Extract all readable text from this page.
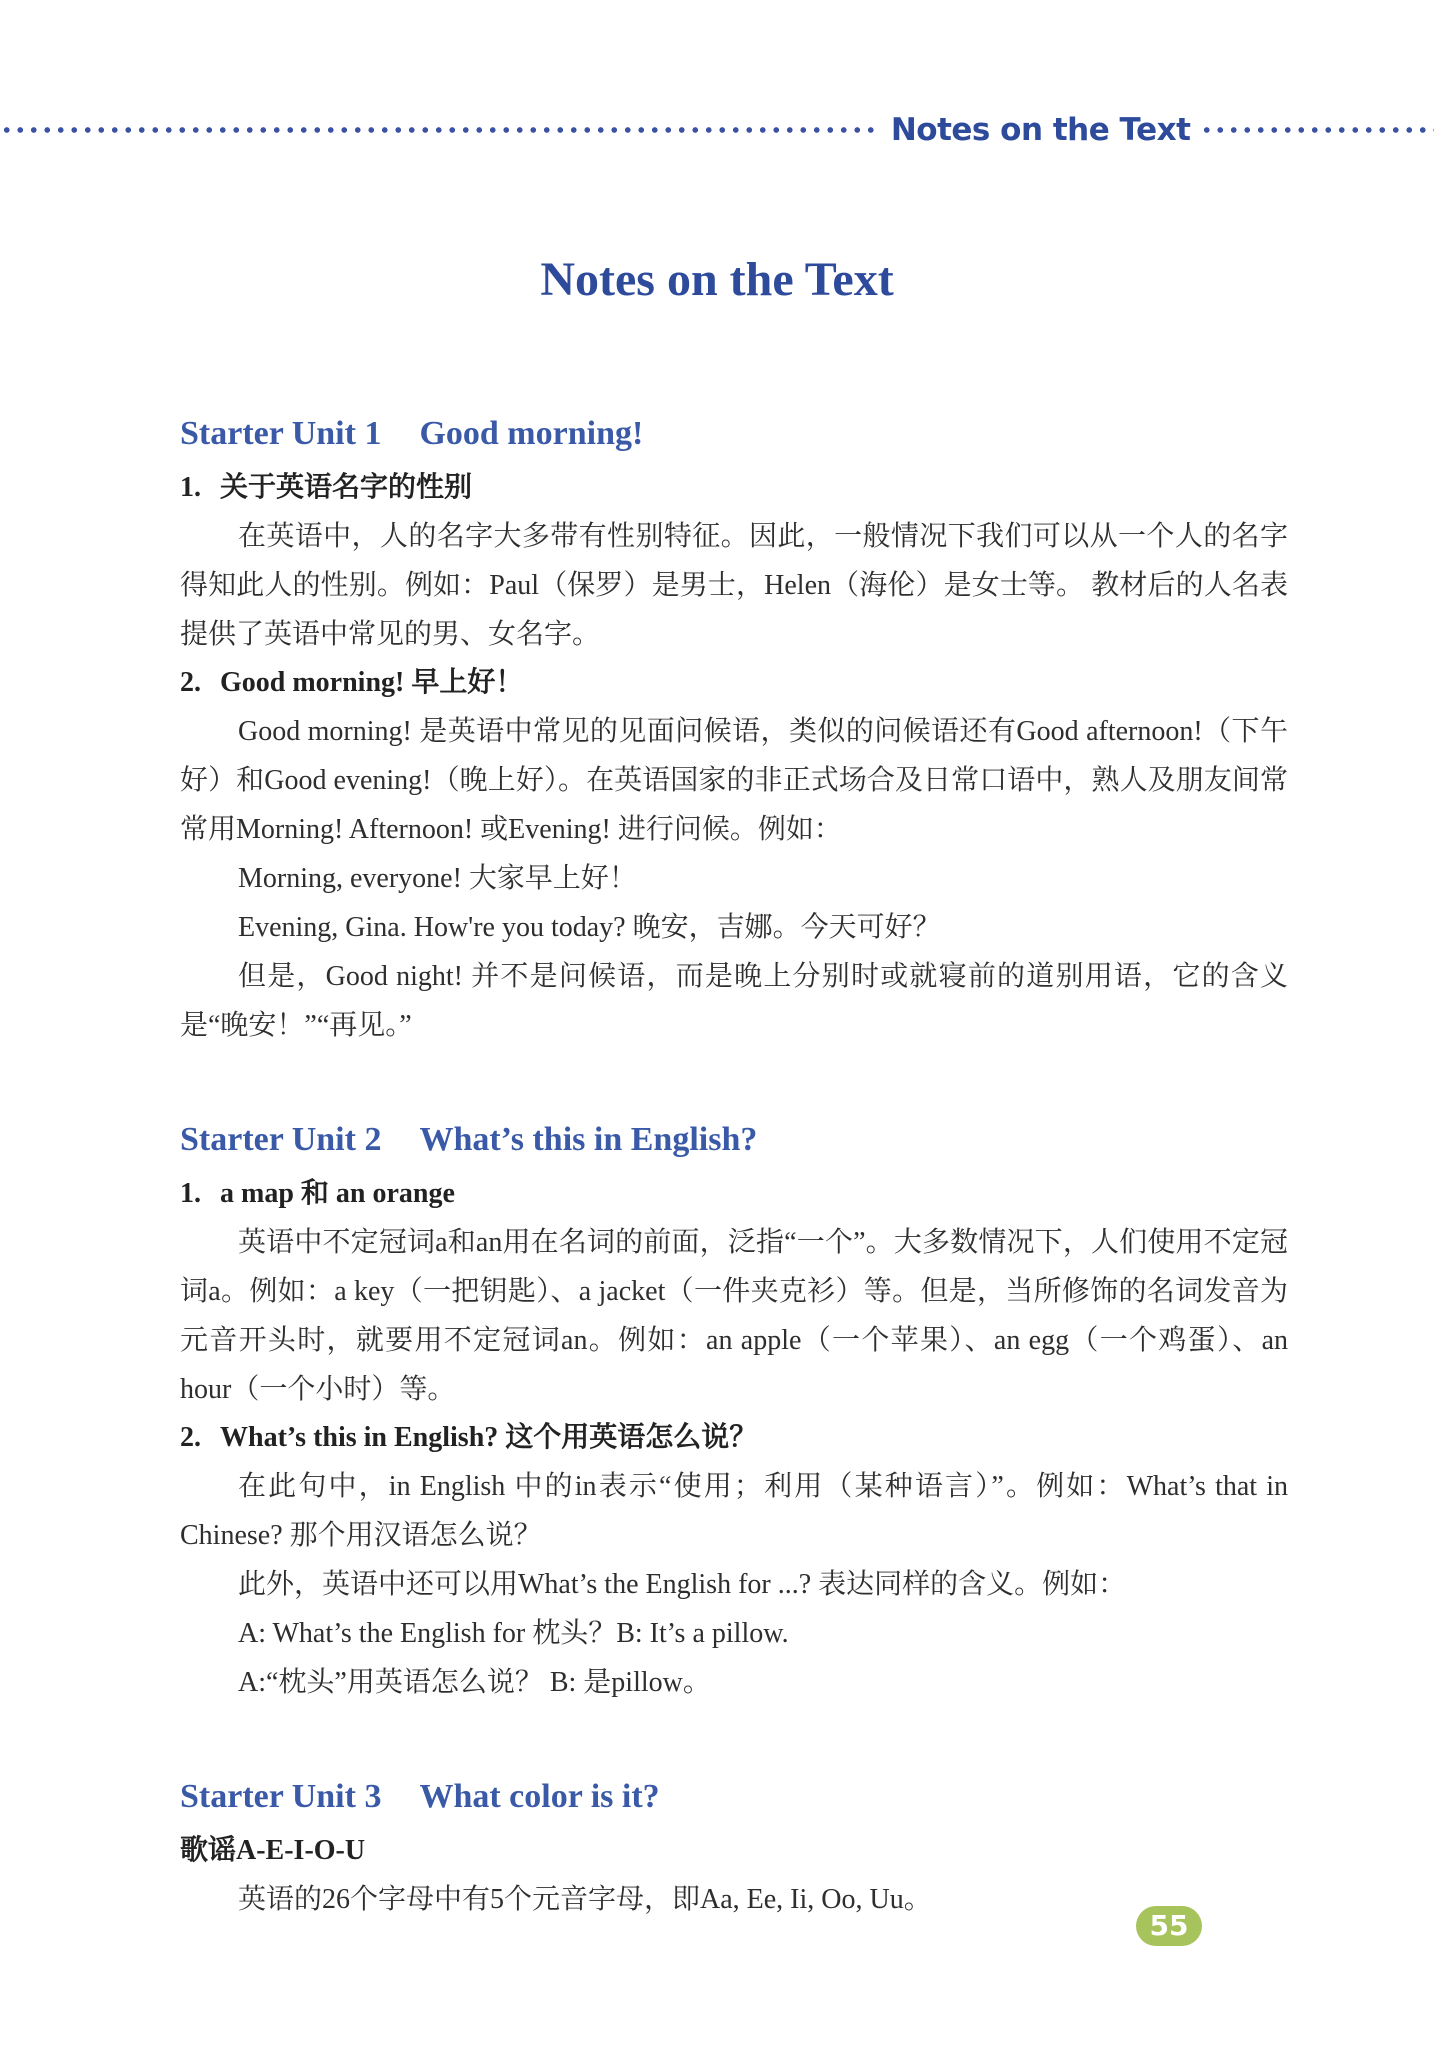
Notes on the Text
Notes on the Text
Starter Unit 1 Good morning!
1. 关于英语名字的性别

在英语中，人的名字大多带有性别特征。因此，一般情况下我们可以从一个人的名字得知此人的性别。例如：Paul（保罗）是男士，Helen（海伦）是女士等。 教材后的人名表提供了英语中常见的男、女名字。

2. Good morning! 早上好！

Good morning! 是英语中常见的见面问候语，类似的问候语还有Good afternoon!（下午好）和Good evening!（晚上好）。在英语国家的非正式场合及日常口语中，熟人及朋友间常常用Morning! Afternoon! 或Evening! 进行问候。例如：

Morning, everyone! 大家早上好！

Evening, Gina. How're you today? 晚安，吉娜。今天可好？

但是，Good night! 并不是问候语，而是晚上分别时或就寝前的道别用语，它的含义是“晚安！”“再见。”

Starter Unit 2 What’s this in English?
1. a map 和 an orange

英语中不定冠词a和an用在名词的前面，泛指“一个”。大多数情况下，人们使用不定冠词a。例如：a key（一把钥匙）、a jacket（一件夹克衫）等。但是，当所修饰的名词发音为元音开头时，就要用不定冠词an。例如：an apple（一个苹果）、an egg（一个鸡蛋）、an hour（一个小时）等。

2. What’s this in English? 这个用英语怎么说？

在此句中，in English 中的in表示“使用；利用（某种语言）”。例如：What’s that in Chinese? 那个用汉语怎么说？

此外，英语中还可以用What’s the English for ...? 表达同样的含义。例如：

A: What’s the English for 枕头？B: It’s a pillow.

A:“枕头”用英语怎么说？ B: 是pillow。

Starter Unit 3 What color is it?
歌谣A-E-I-O-U

英语的26个字母中有5个元音字母，即Aa, Ee, Ii, Oo, Uu。

55
